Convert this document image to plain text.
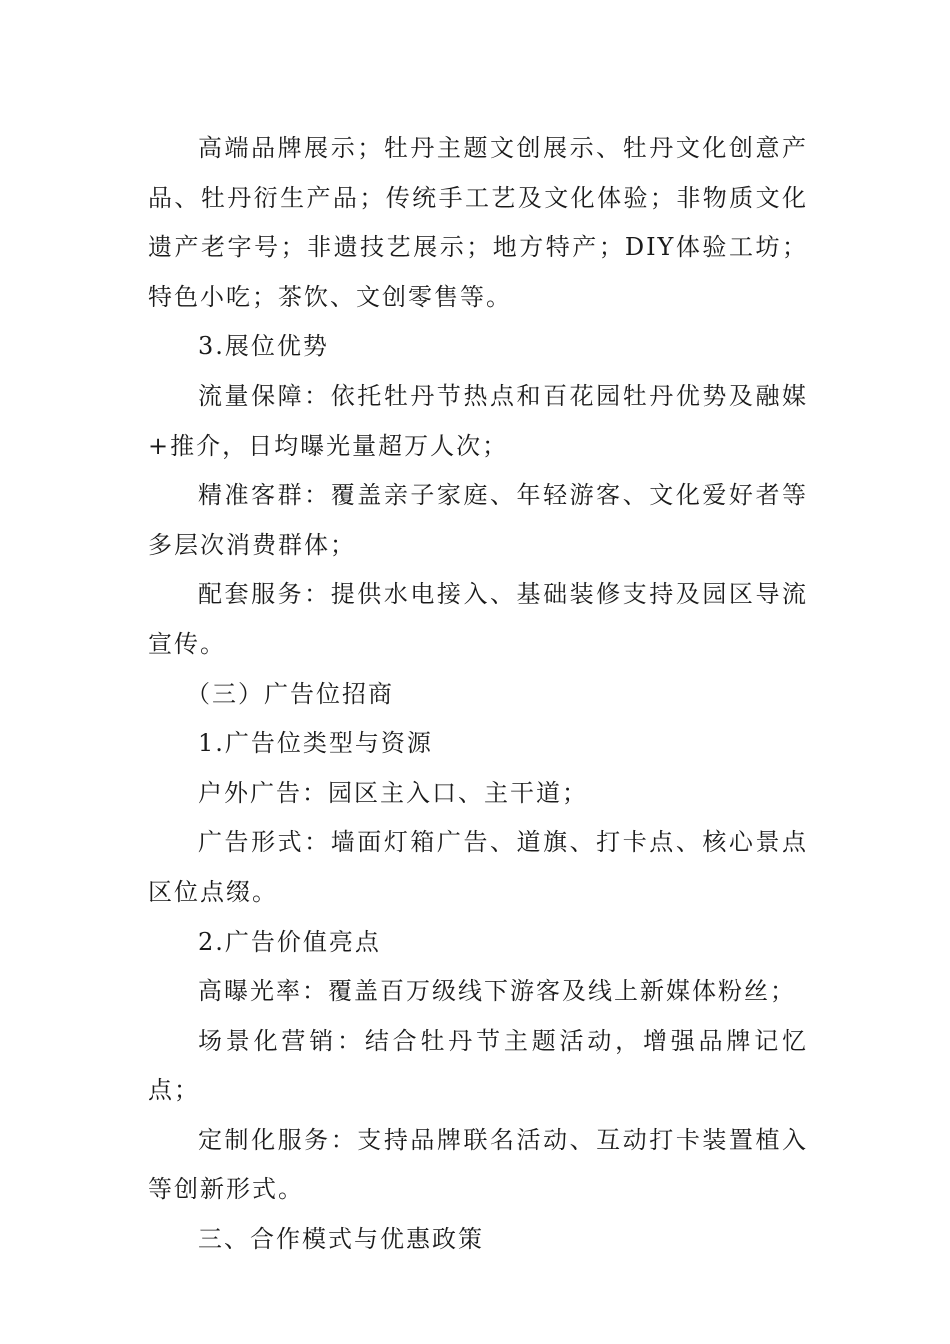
高端品牌展示；牡丹主题文创展示、牡丹文化创意产品、牡丹衍生产品；传统手工艺及文化体验；非物质文化遗产老字号；非遗技艺展示；地方特产；DIY体验工坊；特色小吃；茶饮、文创零售等。

3.展位优势

流量保障：依托牡丹节热点和百花园牡丹优势及融媒+推介，日均曝光量超万人次；

精准客群：覆盖亲子家庭、年轻游客、文化爱好者等多层次消费群体；

配套服务：提供水电接入、基础装修支持及园区导流宣传。

（三）广告位招商

1.广告位类型与资源

户外广告：园区主入口、主干道；

广告形式：墙面灯箱广告、道旗、打卡点、核心景点区位点缀。

2.广告价值亮点

高曝光率：覆盖百万级线下游客及线上新媒体粉丝；

场景化营销：结合牡丹节主题活动，增强品牌记忆点；

定制化服务：支持品牌联名活动、互动打卡装置植入等创新形式。

三、合作模式与优惠政策
